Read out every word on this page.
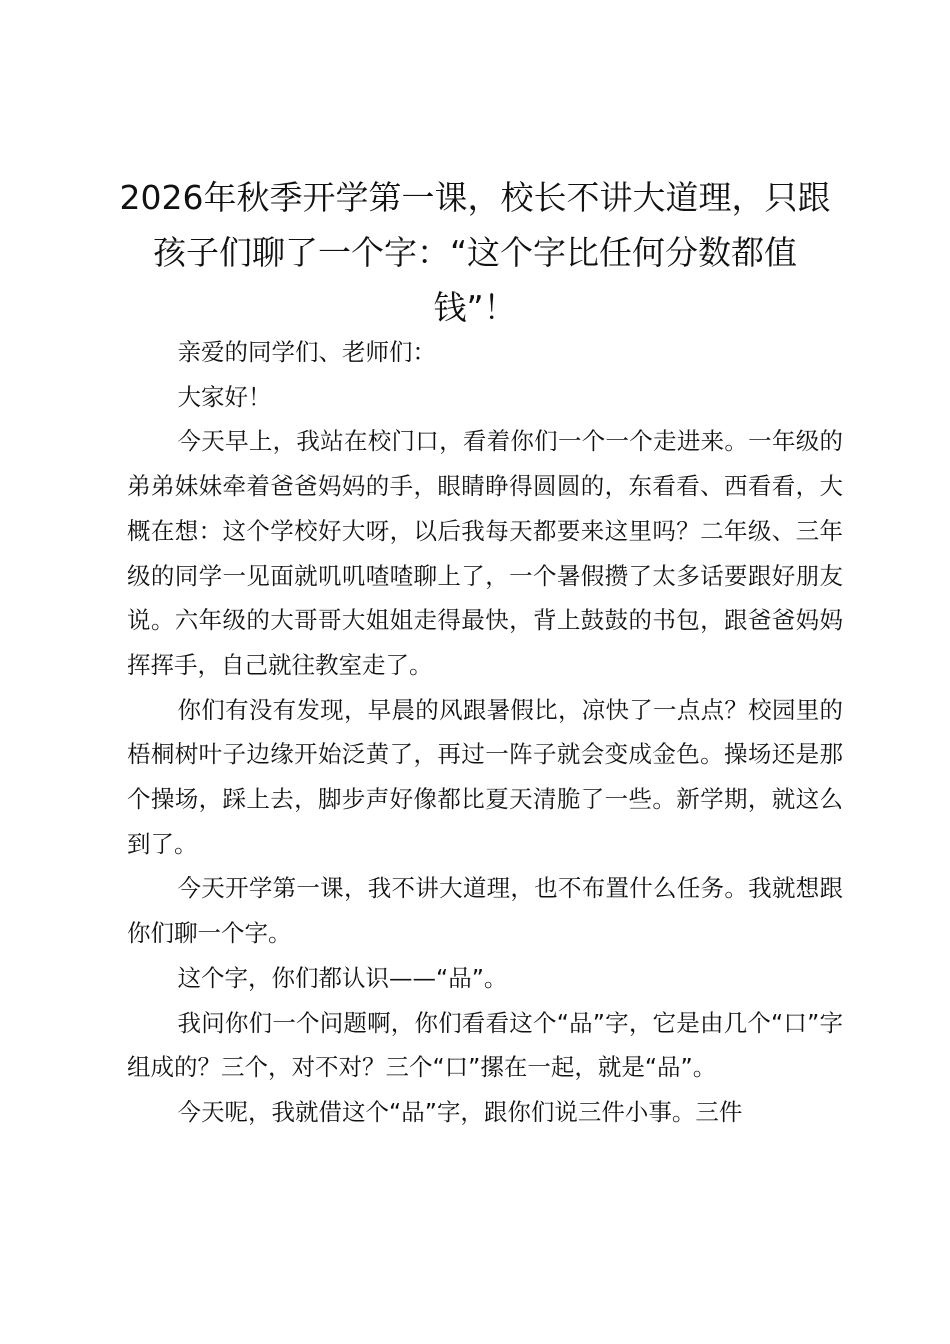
2026年秋季开学第一课，校长不讲大道理，只跟孩子们聊了一个字：“这个字比任何分数都值钱”！

亲爱的同学们、老师们：

大家好！

今天早上，我站在校门口，看着你们一个一个走进来。一年级的弟弟妹妹牵着爸爸妈妈的手，眼睛睁得圆圆的，东看看、西看看，大概在想：这个学校好大呀，以后我每天都要来这里吗？二年级、三年级的同学一见面就叽叽喳喳聊上了，一个暑假攒了太多话要跟好朋友说。六年级的大哥哥大姐姐走得最快，背上鼓鼓的书包，跟爸爸妈妈挥挥手，自己就往教室走了。

你们有没有发现，早晨的风跟暑假比，凉快了一点点？校园里的梧桐树叶子边缘开始泛黄了，再过一阵子就会变成金色。操场还是那个操场，踩上去，脚步声好像都比夏天清脆了一些。新学期，就这么到了。

今天开学第一课，我不讲大道理，也不布置什么任务。我就想跟你们聊一个字。

这个字，你们都认识——“品”。

我问你们一个问题啊，你们看看这个“品”字，它是由几个“口”字组成的？三个，对不对？三个“口”摞在一起，就是“品”。

今天呢，我就借这个“品”字，跟你们说三件小事。三件
